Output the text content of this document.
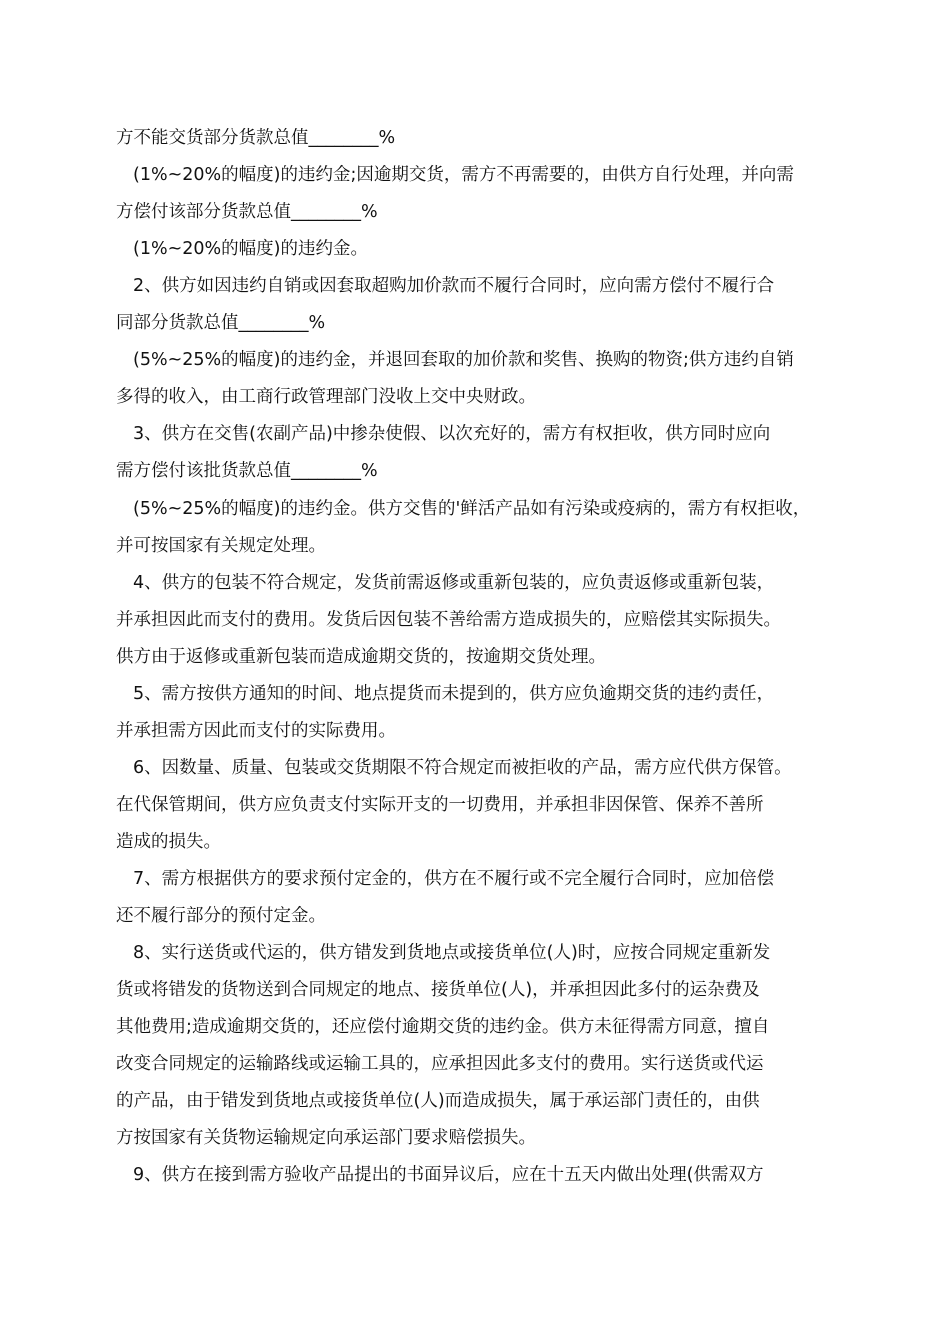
方不能交货部分货款总值________%
(1%~20%的幅度)的违约金;因逾期交货，需方不再需要的，由供方自行处理，并向需
方偿付该部分货款总值________%
(1%~20%的幅度)的违约金。
2、供方如因违约自销或因套取超购加价款而不履行合同时，应向需方偿付不履行合
同部分货款总值________%
(5%~25%的幅度)的违约金，并退回套取的加价款和奖售、换购的物资;供方违约自销
多得的收入，由工商行政管理部门没收上交中央财政。
3、供方在交售(农副产品)中掺杂使假、以次充好的，需方有权拒收，供方同时应向
需方偿付该批货款总值________%
(5%~25%的幅度)的违约金。供方交售的'鲜活产品如有污染或疫病的，需方有权拒收，
并可按国家有关规定处理。
4、供方的包装不符合规定，发货前需返修或重新包装的，应负责返修或重新包装，
并承担因此而支付的费用。发货后因包装不善给需方造成损失的，应赔偿其实际损失。
供方由于返修或重新包装而造成逾期交货的，按逾期交货处理。
5、需方按供方通知的时间、地点提货而未提到的，供方应负逾期交货的违约责任，
并承担需方因此而支付的实际费用。
6、因数量、质量、包装或交货期限不符合规定而被拒收的产品，需方应代供方保管。
在代保管期间，供方应负责支付实际开支的一切费用，并承担非因保管、保养不善所
造成的损失。
7、需方根据供方的要求预付定金的，供方在不履行或不完全履行合同时，应加倍偿
还不履行部分的预付定金。
8、实行送货或代运的，供方错发到货地点或接货单位(人)时，应按合同规定重新发
货或将错发的货物送到合同规定的地点、接货单位(人)，并承担因此多付的运杂费及
其他费用;造成逾期交货的，还应偿付逾期交货的违约金。供方未征得需方同意，擅自
改变合同规定的运输路线或运输工具的，应承担因此多支付的费用。实行送货或代运
的产品，由于错发到货地点或接货单位(人)而造成损失，属于承运部门责任的，由供
方按国家有关货物运输规定向承运部门要求赔偿损失。
9、供方在接到需方验收产品提出的书面异议后，应在十五天内做出处理(供需双方
